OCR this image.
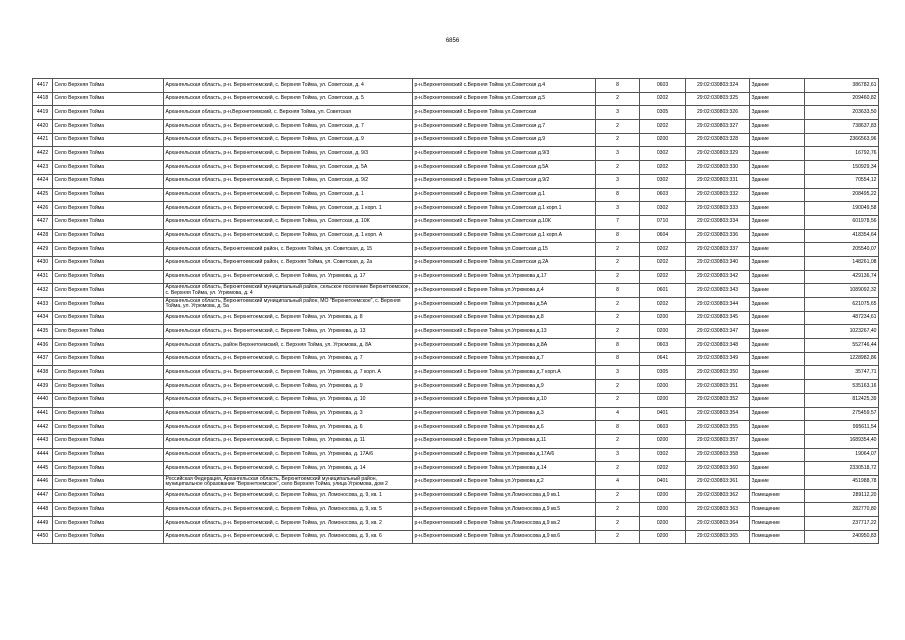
6856
4417	Село Верхняя Тойма	Архангельская область, р-н. Верхнетоемский, с. Верхняя Тойма, ул. Советская, д. 4	р-н.Верхнетоемский с.Верхняя Тойма ул.Советская д.4	8	0603	29:02:030803:324	Здание	386782,61
4418	Село Верхняя Тойма	Архангельская область, р-н. Верхнетоемский, с. Верхняя Тойма, ул. Советская, д. 5	р-н.Верхнетоемский с.Верхняя Тойма ул.Советская д.5	2	0202	29:02:030803:325	Здание	209460,82
4419	Село Верхняя Тойма	Архангельская область, р-н.Верхнетоемский, с. Верхняя Тойма, ул. Советская	р-н.Верхнетоемский с.Верхняя Тойма ул.Советская	3	0305	29:02:030803:326	Здание	203633,50
4420	Село Верхняя Тойма	Архангельская область, р-н. Верхнетоемский, с. Верхняя Тойма, ул. Советская, д. 7	р-н.Верхнетоемский с.Верхняя Тойма ул.Советская д.7	2	0202	29:02:030803:327	Здание	738637,83
4421	Село Верхняя Тойма	Архангельская область, р-н. Верхнетоемский, с. Верхняя Тойма, ул. Советская, д. 9	р-н.Верхнетоемский с.Верхняя Тойма ул.Советская д.9	2	0200	29:02:030803:328	Здание	2366563,96
4422	Село Верхняя Тойма	Архангельская область, р-н. Верхнетоемский, с. Верхняя Тойма, ул. Советская, д. 9/3	р-н.Верхнетоемский с.Верхняя Тойма ул.Советская д.9/3	3	0302	29:02:030803:329	Здание	16792,76
4423	Село Верхняя Тойма	Архангельская область, р-н. Верхнетоемский, с. Верхняя Тойма, ул. Советская, д. 5А	р-н.Верхнетоемский с.Верхняя Тойма ул.Советская д.5А	2	0202	29:02:030803:330	Здание	150929,34
4424	Село Верхняя Тойма	Архангельская область, р-н. Верхнетоемский, с. Верхняя Тойма, ул. Советская, д. 9/2	р-н.Верхнетоемский с.Верхняя Тойма ул.Советская д.9/2	3	0302	29:02:030803:331	Здание	70554,12
4425	Село Верхняя Тойма	Архангельская область, р-н. Верхнетоемский, с. Верхняя Тойма, ул. Советская, д. 1	р-н.Верхнетоемский с.Верхняя Тойма ул.Советская д.1	8	0603	29:02:030803:332	Здание	208495,22
4426	Село Верхняя Тойма	Архангельская область, р-н. Верхнетоемский, с. Верхняя Тойма, ул. Советская, д. 1 корп. 1	р-н.Верхнетоемский с.Верхняя Тойма ул.Советская д.1 корп.1	3	0302	29:02:030803:333	Здание	190049,58
4427	Село Верхняя Тойма	Архангельская область, р-н. Верхнетоемский, с. Верхняя Тойма, ул. Советская, д. 10К	р-н.Верхнетоемский с.Верхняя Тойма ул.Советская д.10К	7	0710	29:02:030803:334	Здание	601978,56
4428	Село Верхняя Тойма	Архангельская область, р-н. Верхнетоемский, с. Верхняя Тойма, ул. Советская, д. 1 корп. А	р-н.Верхнетоемский с.Верхняя Тойма ул.Советская д.1 корп.А	8	0604	29:02:030803:336	Здание	418354,64
4429	Село Верхняя Тойма	Архангельская область, Верхнетоемский район, с. Верхняя Тойма, ул. Советская, д. 15	р-н.Верхнетоемский с.Верхняя Тойма ул.Советская д.15	2	0202	29:02:030803:337	Здание	205540,07
4430	Село Верхняя Тойма	Архангельская область, Верхнетоемский район, с. Верхняя Тойма, ул. Советская, д. 2а	р-н.Верхнетоемский с.Верхняя Тойма ул.Советская д.2А	2	0202	29:02:030803:340	Здание	148261,08
4431	Село Верхняя Тойма	Архангельская область, р-н. Верхнетоемский, с. Верхняя Тойма, ул. Угрюмова, д. 17	р-н.Верхнетоемский с.Верхняя Тойма ул.Угрюмова д.17	2	0202	29:02:030803:342	Здание	429136,74
4432	Село Верхняя Тойма	Архангельская область, Верхнетоемский муниципальный район, сельское поселение Верхнетоемское, с. Верхняя Тойма, ул. Угрюмова, д. 4	р-н.Верхнетоемский с.Верхняя Тойма ул.Угрюмова д.4	8	0601	29:02:030803:343	Здание	1089092,32
4433	Село Верхняя Тойма	Архангельская область, Верхнетоемский муниципальный район, МО "Верхнетоемское", с. Верхняя Тойма, ул. Угрюмова, д. 5а	р-н.Верхнетоемский с.Верхняя Тойма ул.Угрюмова д.5А	2	0202	29:02:030803:344	Здание	621075,65
4434	Село Верхняя Тойма	Архангельская область, р-н. Верхнетоемский, с. Верхняя Тойма, ул. Угрюмова, д. 8	р-н.Верхнетоемский с.Верхняя Тойма ул.Угрюмова д.8	2	0200	29:02:030803:345	Здание	487234,61
4435	Село Верхняя Тойма	Архангельская область, р-н. Верхнетоемский, с. Верхняя Тойма, ул. Угрюмова, д. 13	р-н.Верхнетоемский с.Верхняя Тойма ул.Угрюмова д.13	2	0200	29:02:030803:347	Здание	1023267,40
4436	Село Верхняя Тойма	Архангельская область, район Верхнетоемский, с. Верхняя Тойма, ул. Угрюмова, д. 8А	р-н.Верхнетоемский с.Верхняя Тойма ул.Угрюмова д.8А	8	0603	29:02:030803:348	Здание	552746,44
4437	Село Верхняя Тойма	Архангельская область, р-н. Верхнетоемский, с. Верхняя Тойма, ул. Угрюмова, д. 7	р-н.Верхнетоемский с.Верхняя Тойма ул.Угрюмова д.7	8	0641	29:02:030803:349	Здание	1228982,86
4438	Село Верхняя Тойма	Архангельская область, р-н. Верхнетоемский, с. Верхняя Тойма, ул. Угрюмова, д. 7 корп. А	р-н.Верхнетоемский с.Верхняя Тойма ул.Угрюмова д.7 корп.А	3	0305	29:02:030803:350	Здание	35747,71
4439	Село Верхняя Тойма	Архангельская область, р-н. Верхнетоемский, с. Верхняя Тойма, ул. Угрюмова, д. 9	р-н.Верхнетоемский с.Верхняя Тойма ул.Угрюмова д.9	2	0200	29:02:030803:351	Здание	535163,16
4440	Село Верхняя Тойма	Архангельская область, р-н. Верхнетоемский, с. Верхняя Тойма, ул. Угрюмова, д. 10	р-н.Верхнетоемский с.Верхняя Тойма ул.Угрюмова д.10	2	0200	29:02:030803:352	Здание	812425,39
4441	Село Верхняя Тойма	Архангельская область, р-н. Верхнетоемский, с. Верхняя Тойма, ул. Угрюмова, д. 3	р-н.Верхнетоемский с.Верхняя Тойма ул.Угрюмова д.3	4	0401	29:02:030803:354	Здание	275459,57
4442	Село Верхняя Тойма	Архангельская область, р-н. Верхнетоемский, с. Верхняя Тойма, ул. Угрюмова, д. 6	р-н.Верхнетоемский с.Верхняя Тойма ул.Угрюмова д.6	8	0603	29:02:030803:355	Здание	995611,54
4443	Село Верхняя Тойма	Архангельская область, р-н. Верхнетоемский, с. Верхняя Тойма, ул. Угрюмова, д. 11	р-н.Верхнетоемский с.Верхняя Тойма ул.Угрюмова д.11	2	0200	29:02:030803:357	Здание	1689354,40
4444	Село Верхняя Тойма	Архангельская область, р-н. Верхнетоемский, с. Верхняя Тойма, ул. Угрюмова, д. 17А/6	р-н.Верхнетоемский с.Верхняя Тойма ул.Угрюмова д.17А/6	3	0302	29:02:030803:358	Здание	19064,07
4445	Село Верхняя Тойма	Архангельская область, р-н. Верхнетоемский, с. Верхняя Тойма, ул. Угрюмова, д. 14	р-н.Верхнетоемский с.Верхняя Тойма ул.Угрюмова д.14	2	0202	29:02:030803:360	Здание	2330518,72
4446	Село Верхняя Тойма	Российская Федерация, Архангельская область, Верхнетоемский муниципальный район, муниципальное образование "Верхнетоемское", село Верхняя Тойма, улица Угрюмова, дом 2	р-н.Верхнетоемский с.Верхняя Тойма ул.Угрюмова д.2	4	0401	29:02:030803:361	Здание	451988,78
4447	Село Верхняя Тойма	Архангельская область, р-н. Верхнетоемский, с. Верхняя Тойма, ул. Ломоносова, д. 9, кв. 1	р-н.Верхнетоемский с.Верхняя Тойма ул.Ломоносова д.9 кв.1	2	0200	29:02:030803:362	Помещение	289112,20
4448	Село Верхняя Тойма	Архангельская область, р-н. Верхнетоемский, с. Верхняя Тойма, ул. Ломоносова, д. 9, кв. 5	р-н.Верхнетоемский с.Верхняя Тойма ул.Ломоносова д.9 кв.5	2	0200	29:02:030803:363	Помещение	282770,80
4449	Село Верхняя Тойма	Архангельская область, р-н. Верхнетоемский, с. Верхняя Тойма, ул. Ломоносова, д. 9, кв. 2	р-н.Верхнетоемский с.Верхняя Тойма ул.Ломоносова д.9 кв.2	2	0200	29:02:030803:364	Помещение	237717,22
4450	Село Верхняя Тойма	Архангельская область, р-н. Верхнетоемский, с. Верхняя Тойма, ул. Ломоносова, д. 9, кв. 6	р-н.Верхнетоемский с.Верхняя Тойма ул.Ломоносова д.9 кв.6	2	0200	29:02:030803:365	Помещение	240950,83
